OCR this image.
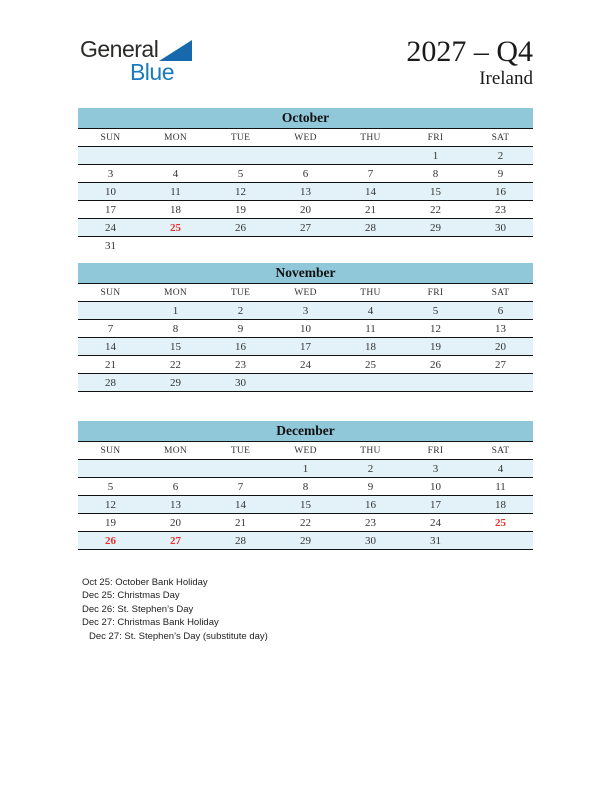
General
Blue
2027 – Q4
Ireland
October						
SUN	MON	TUE	WED	THU	FRI	SAT
					1	2
3	4	5	6	7	8	9
10	11	12	13	14	15	16
17	18	19	20	21	22	23
24	25	26	27	28	29	30
31						
November						
SUN	MON	TUE	WED	THU	FRI	SAT
	1	2	3	4	5	6
7	8	9	10	11	12	13
14	15	16	17	18	19	20
21	22	23	24	25	26	27
28	29	30				
December						
SUN	MON	TUE	WED	THU	FRI	SAT
			1	2	3	4
5	6	7	8	9	10	11
12	13	14	15	16	17	18
19	20	21	22	23	24	25
26	27	28	29	30	31	
Oct 25: October Bank Holiday
Dec 25: Christmas Day
Dec 26: St. Stephen’s Day
Dec 27: Christmas Bank Holiday
Dec 27: St. Stephen’s Day (substitute day)
